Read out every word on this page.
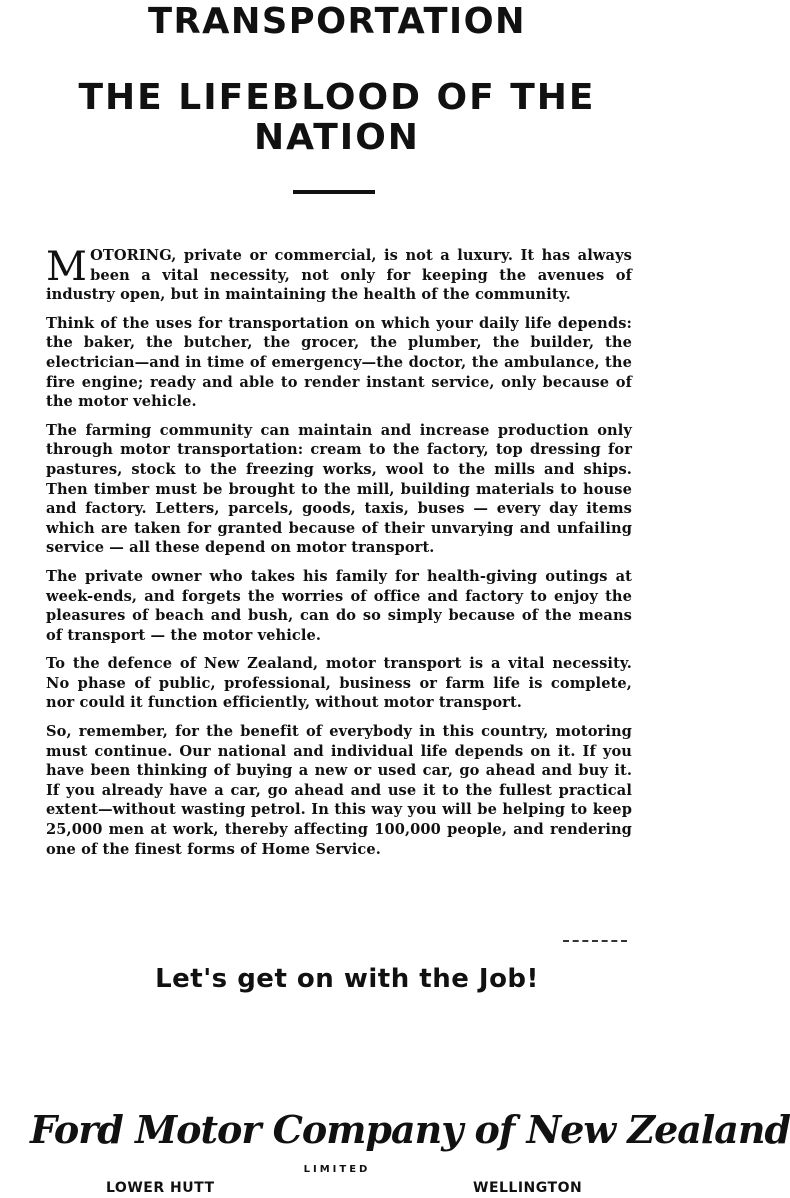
TRANSPORTATION
THE LIFEBLOOD OF THE NATION

MOTORING, private or commercial, is not a luxury. It has always been a vital necessity, not only for keeping the avenues of industry open, but in maintaining the health of the community.

Think of the uses for transportation on which your daily life depends: the baker, the butcher, the grocer, the plumber, the builder, the electrician—and in time of emergency—the doctor, the ambulance, the fire engine; ready and able to render instant service, only because of the motor vehicle.

The farming community can maintain and increase production only through motor transportation: cream to the factory, top dressing for pastures, stock to the freezing works, wool to the mills and ships. Then timber must be brought to the mill, building materials to house and factory. Letters, parcels, goods, taxis, buses — every day items which are taken for granted because of their unvarying and unfailing service — all these depend on motor transport.

The private owner who takes his family for health-giving outings at week-ends, and forgets the worries of office and factory to enjoy the pleasures of beach and bush, can do so simply because of the means of transport — the motor vehicle.

To the defence of New Zealand, motor transport is a vital necessity. No phase of public, professional, business or farm life is complete, nor could it function efficiently, without motor transport.

So, remember, for the benefit of everybody in this country, motoring must continue. Our national and individual life depends on it. If you have been thinking of buying a new or used car, go ahead and buy it. If you already have a car, go ahead and use it to the fullest practical extent—without wasting petrol. In this way you will be helping to keep 25,000 men at work, thereby affecting 100,000 people, and rendering one of the finest forms of Home Service.

Let's get on with the Job!
Ford Motor Company of New Zealand
LIMITED
LOWER HUTT	WELLINGTON
